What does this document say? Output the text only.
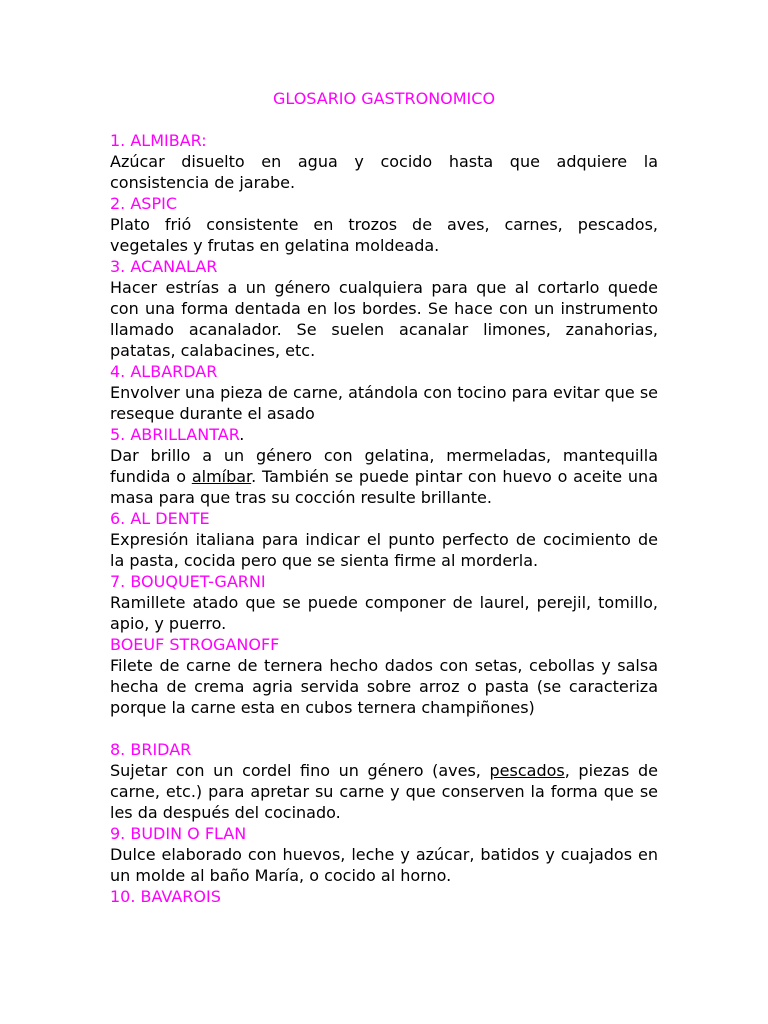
GLOSARIO GASTRONOMICO
1. ALMIBAR:
Azúcar disuelto en agua y cocido hasta que adquiere la consistencia de jarabe.
2. ASPIC
Plato frió consistente en trozos de aves, carnes, pescados, vegetales y frutas en gelatina moldeada.
3. ACANALAR
Hacer estrías a un género cualquiera para que al cortarlo quede con una forma dentada en los bordes. Se hace con un instrumento llamado acanalador. Se suelen acanalar limones, zanahorias, patatas, calabacines, etc.
4. ALBARDAR
Envolver una pieza de carne, atándola con tocino para evitar que se reseque durante el asado
5. ABRILLANTAR.
Dar brillo a un género con gelatina, mermeladas, mantequilla fundida o almíbar. También se puede pintar con huevo o aceite una masa para que tras su cocción resulte brillante.
6. AL DENTE
Expresión italiana para indicar el punto perfecto de cocimiento de la pasta, cocida pero que se sienta firme al morderla.
7. BOUQUET-GARNI
Ramillete atado que se puede componer de laurel, perejil, tomillo, apio, y puerro.
BOEUF STROGANOFF
Filete de carne de ternera hecho dados con setas, cebollas y salsa hecha de crema agria servida sobre arroz o pasta (se caracteriza porque la carne esta en cubos ternera champiñones)
8. BRIDAR
Sujetar con un cordel fino un género (aves, pescados, piezas de carne, etc.) para apretar su carne y que conserven la forma que se les da después del cocinado.
9. BUDIN O FLAN
Dulce elaborado con huevos, leche y azúcar, batidos y cuajados en un molde al baño María, o cocido al horno.
10. BAVAROIS
